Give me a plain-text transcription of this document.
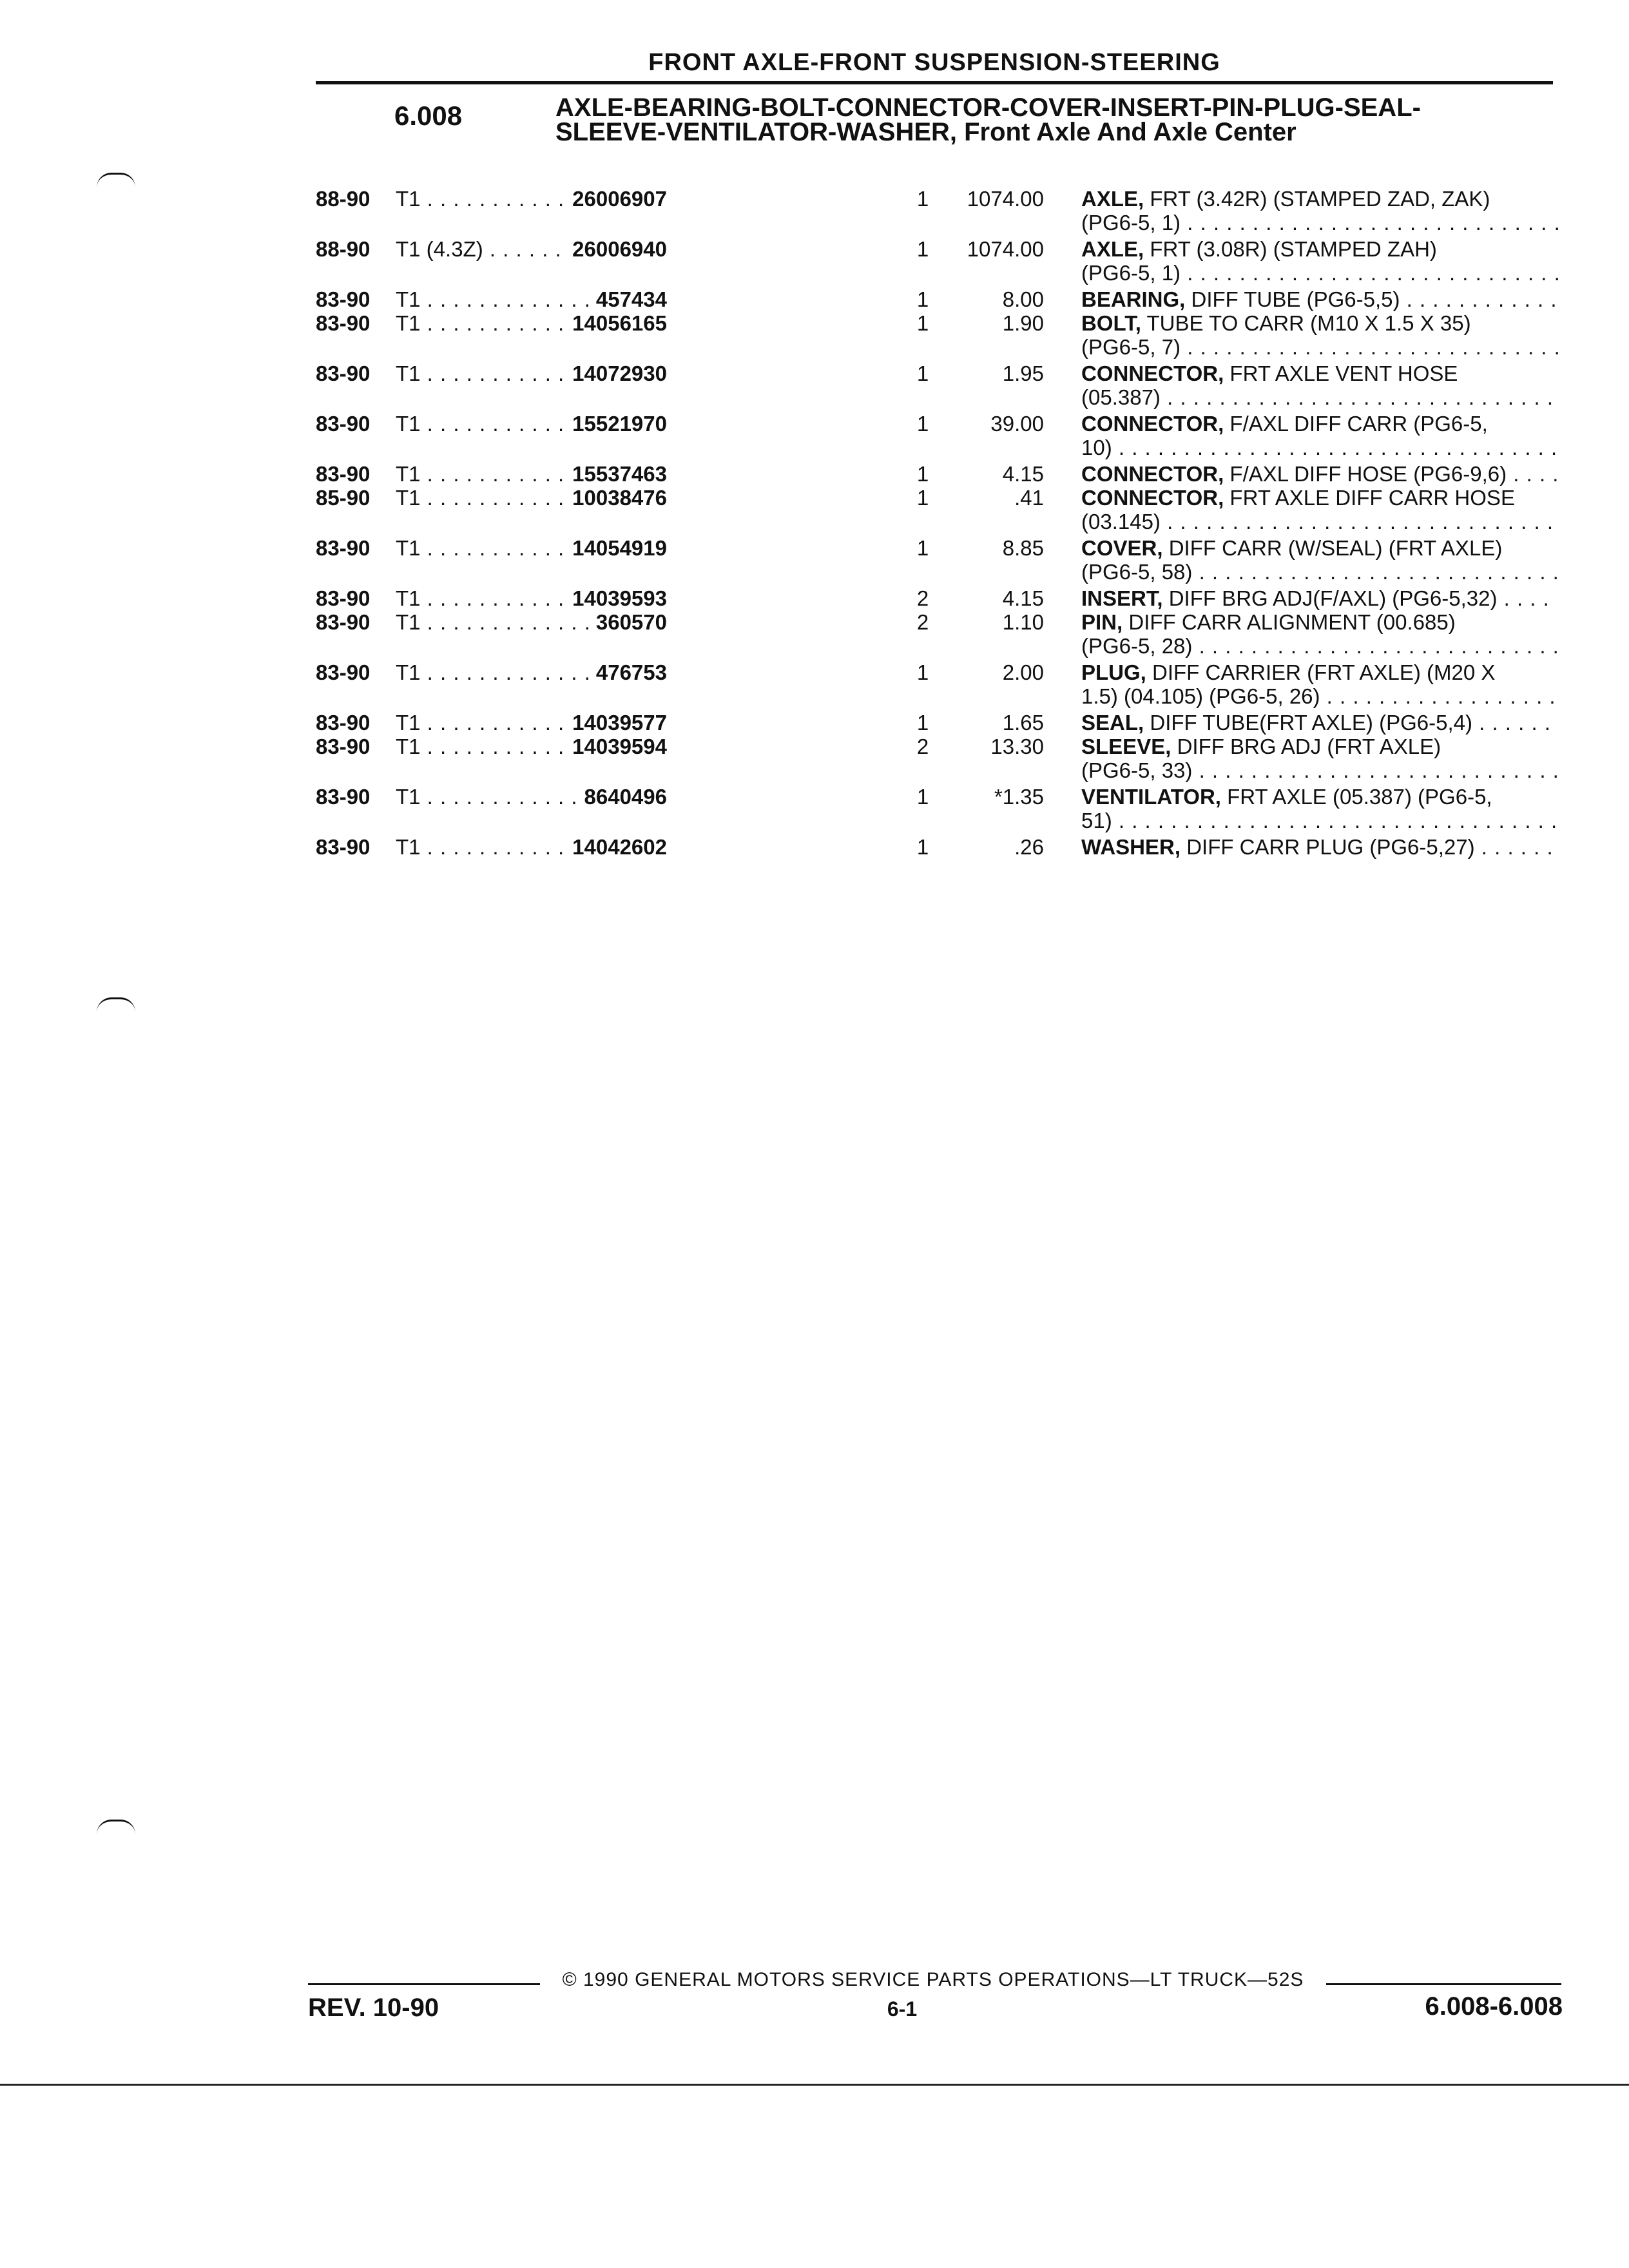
FRONT AXLE-FRONT SUSPENSION-STEERING
6.008	AXLE-BEARING-BOLT-CONNECTOR-COVER-INSERT-PIN-PLUG-SEAL-SLEEVE-VENTILATOR-WASHER, Front Axle And Axle Center
88-90	T1 . . .	26006907	1	1074.00 AXLE, FRT (3.42R) (STAMPED ZAD, ZAK)
(PG6-5, 1) . . .
88-90	T1 (4.3Z) . . .	26006940	1	1074.00 AXLE, FRT (3.08R) (STAMPED ZAH)
(PG6-5, 1) . . .
83-90	T1 . . .	457434	1	8.00 BEARING, DIFF TUBE (PG6-5,5) . . .
83-90	T1 . . .	14056165	1	1.90 BOLT, TUBE TO CARR (M10 X 1.5 X 35)
(PG6-5, 7) . . .
83-90	T1 . . .	14072930	1	1.95 CONNECTOR, FRT AXLE VENT HOSE
(05.387) . . .
83-90	T1 . . .	15521970	1	39.00 CONNECTOR, F/AXL DIFF CARR (PG6-5,
10) . . .
83-90	T1 . . .	15537463	1	4.15 CONNECTOR, F/AXL DIFF HOSE (PG6-9,6) . . .
85-90	T1 . . .	10038476	1	.41 CONNECTOR, FRT AXLE DIFF CARR HOSE
(03.145) . . .
83-90	T1 . . .	14054919	1	8.85 COVER, DIFF CARR (W/SEAL) (FRT AXLE)
(PG6-5, 58) . . .
83-90	T1 . . .	14039593	2	4.15 INSERT, DIFF BRG ADJ(F/AXL) (PG6-5,32) . . .
83-90	T1 . . .	360570	2	1.10 PIN, DIFF CARR ALIGNMENT (00.685)
(PG6-5, 28) . . .
83-90	T1 . . .	476753	1	2.00 PLUG, DIFF CARRIER (FRT AXLE) (M20 X
1.5) (04.105) (PG6-5, 26) . . .
83-90	T1 . . .	14039577	1	1.65 SEAL, DIFF TUBE(FRT AXLE) (PG6-5,4) . . .
83-90	T1 . . .	14039594	2	13.30 SLEEVE, DIFF BRG ADJ (FRT AXLE)
(PG6-5, 33) . . .
83-90	T1 . . .	8640496	1	*1.35 VENTILATOR, FRT AXLE (05.387) (PG6-5,
51) . . .
83-90	T1 . . .	14042602	1	.26 WASHER, DIFF CARR PLUG (PG6-5,27) . . .
© 1990 GENERAL MOTORS SERVICE PARTS OPERATIONS—LT TRUCK—52S
REV. 10-90	6-1	6.008-6.008
